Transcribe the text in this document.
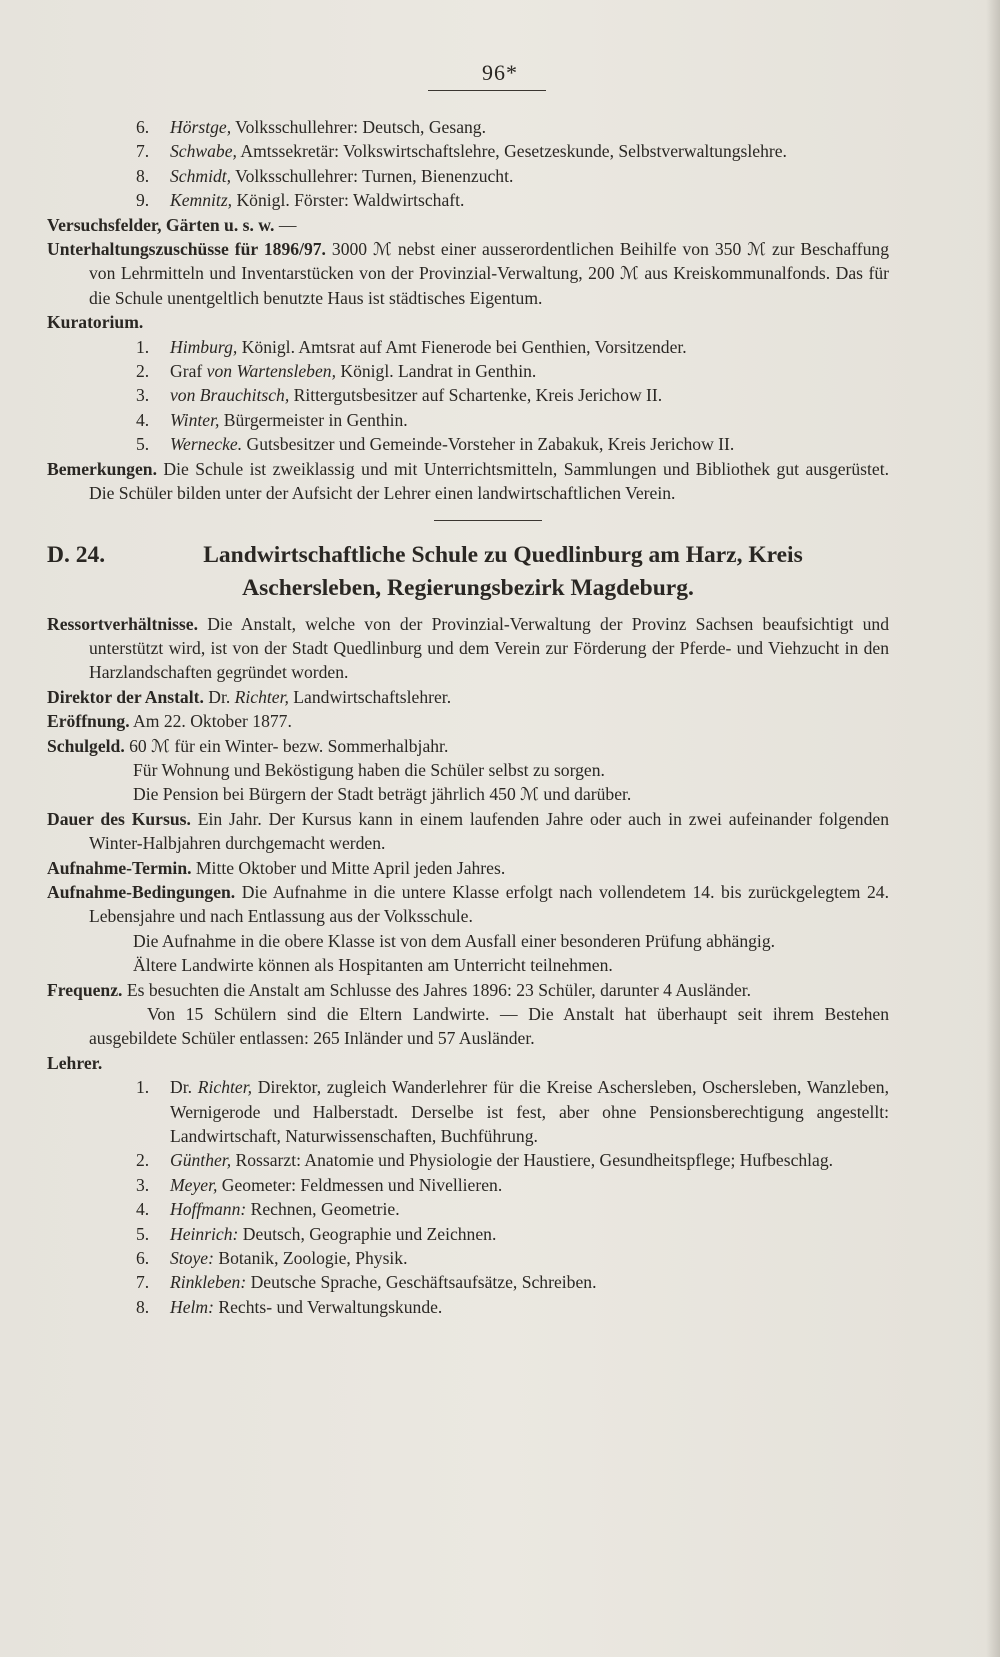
96*

6. Hörstge, Volksschullehrer: Deutsch, Gesang.

7. Schwabe, Amtssekretär: Volkswirtschaftslehre, Gesetzeskunde, Selbstverwaltungslehre.

8. Schmidt, Volksschullehrer: Turnen, Bienenzucht.

9. Kemnitz, Königl. Förster: Waldwirtschaft.

Versuchsfelder, Gärten u. s. w. —

Unterhaltungszuschüsse für 1896/97. 3000 ℳ nebst einer ausserordentlichen Beihilfe von 350 ℳ zur Beschaffung von Lehrmitteln und Inventarstücken von der Provinzial-Verwaltung, 200 ℳ aus Kreiskommunalfonds. Das für die Schule unentgeltlich benutzte Haus ist städtisches Eigentum.

Kuratorium.

1. Himburg, Königl. Amtsrat auf Amt Fienerode bei Genthien, Vorsitzender.

2. Graf von Wartensleben, Königl. Landrat in Genthin.

3. von Brauchitsch, Rittergutsbesitzer auf Schartenke, Kreis Jerichow II.

4. Winter, Bürgermeister in Genthin.

5. Wernecke. Gutsbesitzer und Gemeinde-Vorsteher in Zabakuk, Kreis Jerichow II.

Bemerkungen. Die Schule ist zweiklassig und mit Unterrichtsmitteln, Sammlungen und Bibliothek gut ausgerüstet. Die Schüler bilden unter der Aufsicht der Lehrer einen landwirtschaftlichen Verein.

D. 24.	Landwirtschaftliche Schule zu Quedlinburg am Harz, Kreis
Aschersleben, Regierungsbezirk Magdeburg.

Ressortverhältnisse. Die Anstalt, welche von der Provinzial-Verwaltung der Provinz Sachsen beaufsichtigt und unterstützt wird, ist von der Stadt Quedlinburg und dem Verein zur Förderung der Pferde- und Viehzucht in den Harzlandschaften gegründet worden.

Direktor der Anstalt. Dr. Richter, Landwirtschaftslehrer.

Eröffnung. Am 22. Oktober 1877.

Schulgeld. 60 ℳ für ein Winter- bezw. Sommerhalbjahr.

Für Wohnung und Beköstigung haben die Schüler selbst zu sorgen.

Die Pension bei Bürgern der Stadt beträgt jährlich 450 ℳ und darüber.

Dauer des Kursus. Ein Jahr. Der Kursus kann in einem laufenden Jahre oder auch in zwei aufeinander folgenden Winter-Halbjahren durchgemacht werden.

Aufnahme-Termin. Mitte Oktober und Mitte April jeden Jahres.

Aufnahme-Bedingungen. Die Aufnahme in die untere Klasse erfolgt nach vollendetem 14. bis zurückgelegtem 24. Lebensjahre und nach Entlassung aus der Volksschule.

Die Aufnahme in die obere Klasse ist von dem Ausfall einer besonderen Prüfung abhängig.

Ältere Landwirte können als Hospitanten am Unterricht teilnehmen.

Frequenz. Es besuchten die Anstalt am Schlusse des Jahres 1896: 23 Schüler, darunter 4 Ausländer.

Von 15 Schülern sind die Eltern Landwirte. — Die Anstalt hat überhaupt seit ihrem Bestehen ausgebildete Schüler entlassen: 265 Inländer und 57 Ausländer.

Lehrer.

1. Dr. Richter, Direktor, zugleich Wanderlehrer für die Kreise Aschersleben, Oschersleben, Wanzleben, Wernigerode und Halberstadt. Derselbe ist fest, aber ohne Pensionsberechtigung angestellt: Landwirtschaft, Naturwissenschaften, Buchführung.

2. Günther, Rossarzt: Anatomie und Physiologie der Haustiere, Gesundheitspflege; Hufbeschlag.

3. Meyer, Geometer: Feldmessen und Nivellieren.

4. Hoffmann: Rechnen, Geometrie.

5. Heinrich: Deutsch, Geographie und Zeichnen.

6. Stoye: Botanik, Zoologie, Physik.

7. Rinkleben: Deutsche Sprache, Geschäftsaufsätze, Schreiben.

8. Helm: Rechts- und Verwaltungskunde.
